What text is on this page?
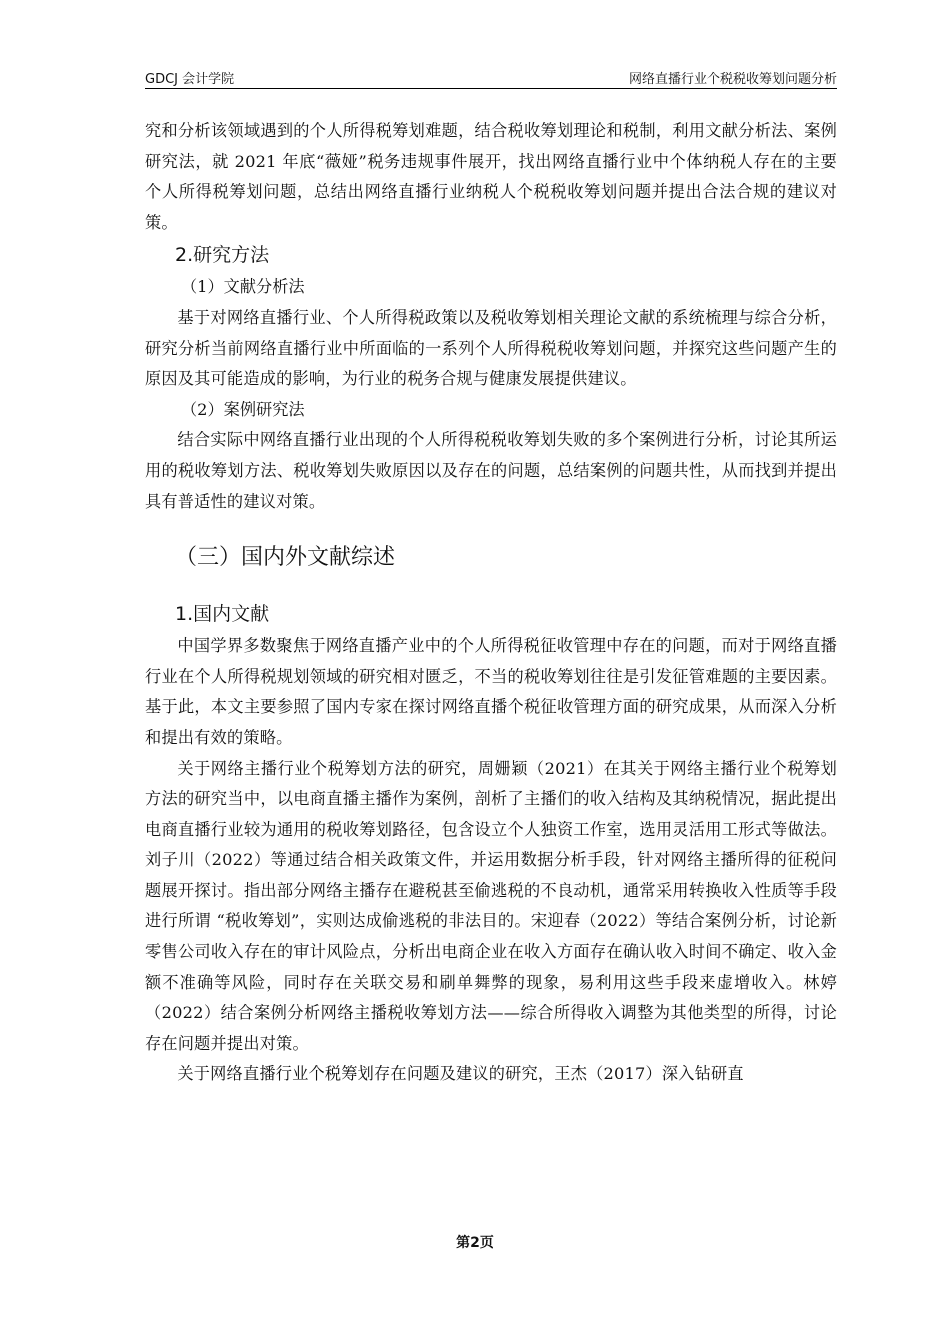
GDCJ 会计学院	网络直播行业个税税收筹划问题分析

究和分析该领域遇到的个人所得税筹划难题，结合税收筹划理论和税制，利用文献分析法、案例研究法，就 2021 年底“薇娅”税务违规事件展开，找出网络直播行业中个体纳税人存在的主要个人所得税筹划问题，总结出网络直播行业纳税人个税税收筹划问题并提出合法合规的建议对策。

2.研究方法

（1）文献分析法

基于对网络直播行业、个人所得税政策以及税收筹划相关理论文献的系统梳理与综合分析，研究分析当前网络直播行业中所面临的一系列个人所得税税收筹划问题，并探究这些问题产生的原因及其可能造成的影响，为行业的税务合规与健康发展提供建议。

（2）案例研究法

结合实际中网络直播行业出现的个人所得税税收筹划失败的多个案例进行分析，讨论其所运用的税收筹划方法、税收筹划失败原因以及存在的问题，总结案例的问题共性，从而找到并提出具有普适性的建议对策。

（三）国内外文献综述
1.国内文献

中国学界多数聚焦于网络直播产业中的个人所得税征收管理中存在的问题，而对于网络直播行业在个人所得税规划领域的研究相对匮乏，不当的税收筹划往往是引发征管难题的主要因素。基于此，本文主要参照了国内专家在探讨网络直播个税征收管理方面的研究成果，从而深入分析和提出有效的策略。

关于网络主播行业个税筹划方法的研究，周姗颖（2021）在其关于网络主播行业个税筹划方法的研究当中，以电商直播主播作为案例，剖析了主播们的收入结构及其纳税情况，据此提出电商直播行业较为通用的税收筹划路径，包含设立个人独资工作室，选用灵活用工形式等做法。刘子川（2022）等通过结合相关政策文件，并运用数据分析手段，针对网络主播所得的征税问题展开探讨。指出部分网络主播存在避税甚至偷逃税的不良动机，通常采用转换收入性质等手段进行所谓 “税收筹划”，实则达成偷逃税的非法目的。宋迎春（2022）等结合案例分析，讨论新零售公司收入存在的审计风险点，分析出电商企业在收入方面存在确认收入时间不确定、收入金额不准确等风险，同时存在关联交易和刷单舞弊的现象，易利用这些手段来虚增收入。林婷（2022）结合案例分析网络主播税收筹划方法——综合所得收入调整为其他类型的所得，讨论存在问题并提出对策。

关于网络直播行业个税筹划存在问题及建议的研究，王杰（2017）深入钻研直

第2页
